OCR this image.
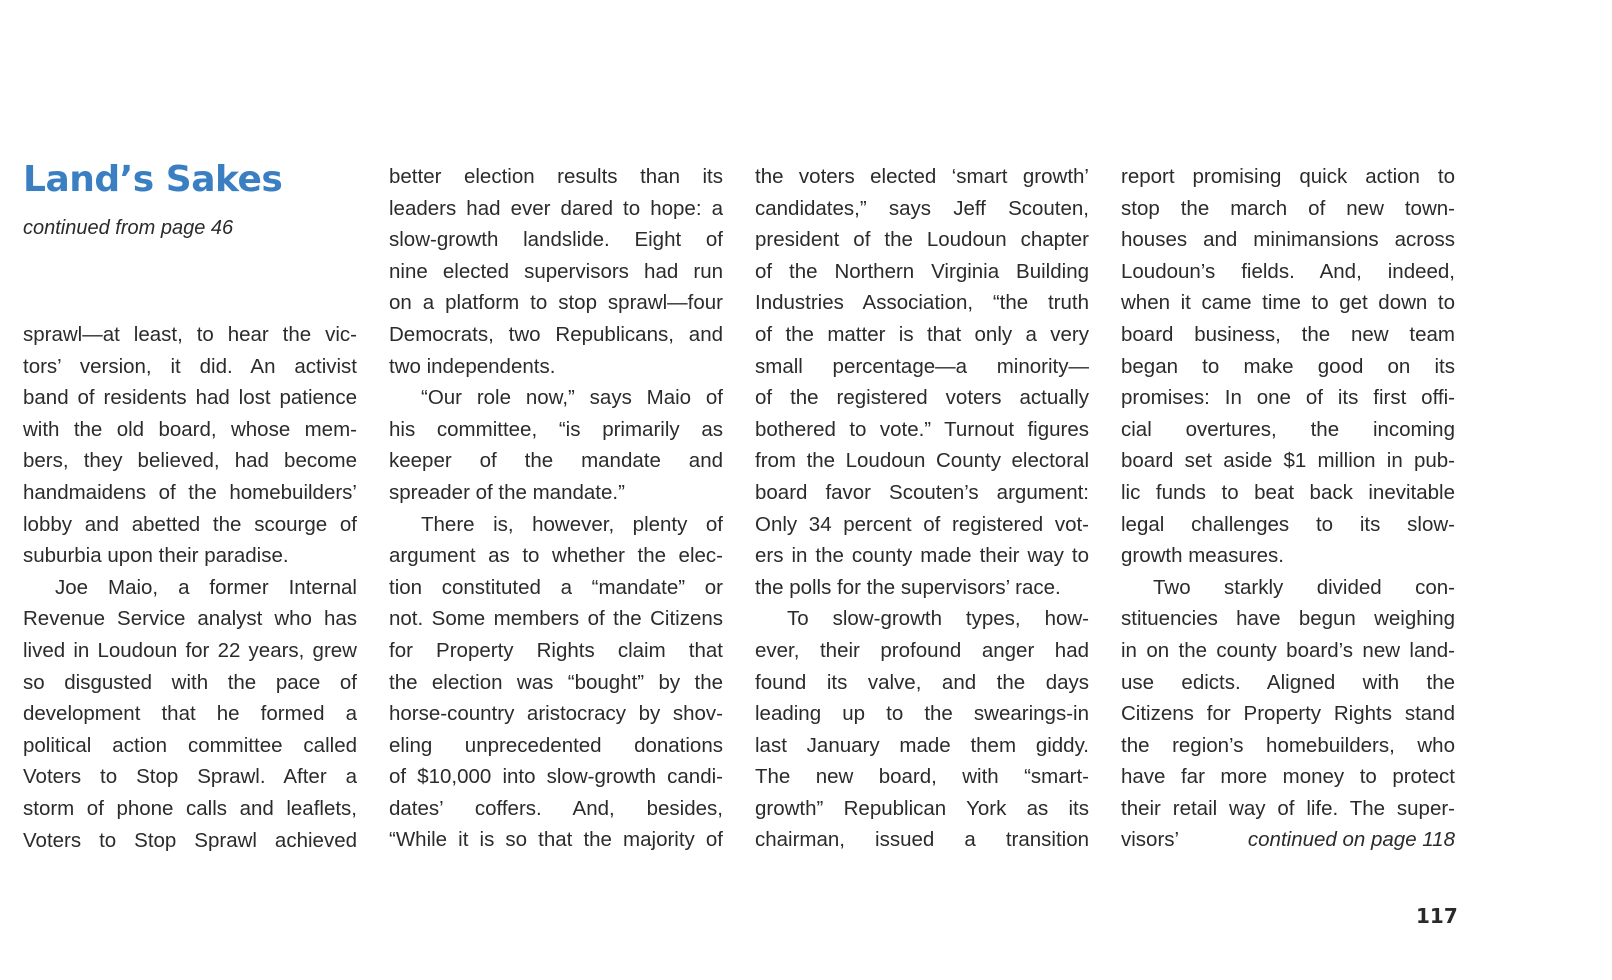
Land’s Sakes
continued from page 46
sprawl—at least, to hear the vic-
tors’ version, it did. An activist
band of residents had lost patience
with the old board, whose mem-
bers, they believed, had become
handmaidens of the homebuilders’
lobby and abetted the scourge of
suburbia upon their paradise.
Joe Maio, a former Internal
Revenue Service analyst who has
lived in Loudoun for 22 years, grew
so disgusted with the pace of
development that he formed a
political action committee called
Voters to Stop Sprawl. After a
storm of phone calls and leaflets,
Voters to Stop Sprawl achieved
better election results than its
leaders had ever dared to hope: a
slow-growth landslide. Eight of
nine elected supervisors had run
on a platform to stop sprawl—four
Democrats, two Republicans, and
two independents.
“Our role now,” says Maio of
his committee, “is primarily as
keeper of the mandate and
spreader of the mandate.”
There is, however, plenty of
argument as to whether the elec-
tion constituted a “mandate” or
not. Some members of the Citizens
for Property Rights claim that
the election was “bought” by the
horse-country aristocracy by shov-
eling unprecedented donations
of $10,000 into slow-growth candi-
dates’ coffers. And, besides,
“While it is so that the majority of
the voters elected ‘smart growth’
candidates,” says Jeff Scouten,
president of the Loudoun chapter
of the Northern Virginia Building
Industries Association, “the truth
of the matter is that only a very
small percentage—a minority—
of the registered voters actually
bothered to vote.” Turnout figures
from the Loudoun County electoral
board favor Scouten’s argument:
Only 34 percent of registered vot-
ers in the county made their way to
the polls for the supervisors’ race.
To slow-growth types, how-
ever, their profound anger had
found its valve, and the days
leading up to the swearings-in
last January made them giddy.
The new board, with “smart-
growth” Republican York as its
chairman, issued a transition
report promising quick action to
stop the march of new town-
houses and minimansions across
Loudoun’s fields. And, indeed,
when it came time to get down to
board business, the new team
began to make good on its
promises: In one of its first offi-
cial overtures, the incoming
board set aside $1 million in pub-
lic funds to beat back inevitable
legal challenges to its slow-
growth measures.
Two starkly divided con-
stituencies have begun weighing
in on the county board’s new land-
use edicts. Aligned with the
Citizens for Property Rights stand
the region’s homebuilders, who
have far more money to protect
their retail way of life. The super-
visors’	continued on page 118
117
